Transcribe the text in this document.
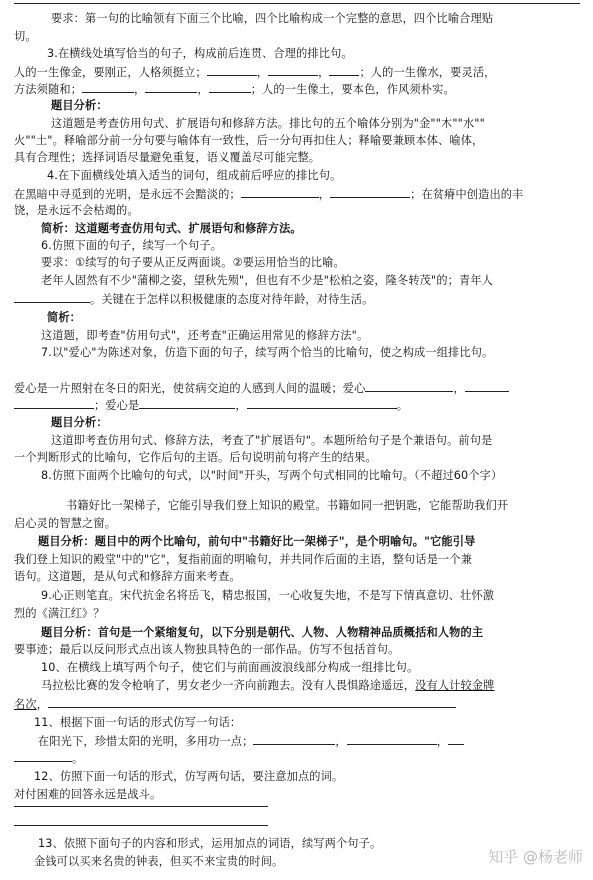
要求：第一句的比喻领有下面三个比喻，四个比喻构成一个完整的意思，四个比喻合理贴
切。
3.在横线处填写恰当的句子，构成前后连贯、合理的排比句。
人的一生像金，要刚正，人格须挺立；	，	，	；人的一生像水，要灵活，
方法须随和；	，	，	；人的一生像土，要本色，作风须朴实。
题目分析：
这道题是考查仿用句式、扩展语句和修辞方法。排比句的五个喻体分别为"金""木""水""
火""土"。释喻部分前一分句要与喻体有一致性，后一分句再扣住人；释喻要兼顾本体、喻体，
具有合理性；选择词语尽量避免重复，语义覆盖尽可能完整。
4.在下面横线处填入适当的词句，组成前后呼应的排比句。
在黑暗中寻觅到的光明，是永远不会黯淡的；	，	；在贫瘠中创造出的丰
饶，是永远不会枯竭的。
简析：这道题考查仿用句式、扩展语句和修辞方法。
6.仿照下面的句子，续写一个句子。
要求：①续写的句子要从正反两面谈。②要运用恰当的比喻。
老年人固然有不少"蒲柳之姿，望秋先殒"，但也有不少是"松柏之姿，隆冬转茂"的；青年人
。关键在于怎样以积极健康的态度对待年龄，对待生活。
简析：
这道题，即考查"仿用句式"，还考查"正确运用常见的修辞方法"。
7.以"爱心"为陈述对象，仿造下面的句子，续写两个恰当的比喻句，使之构成一组排比句。
爱心是一片照射在冬日的阳光，使贫病交迫的人感到人间的温暖；爱心	，
；爱心是	，	。
题目分析：
这道即考查仿用句式、修辞方法，考查了"扩展语句"。本题所给句子是个兼语句。前句是
一个判断形式的比喻句，它作后句的主语。后句说明前句将产生的结果。
8.仿照下面两个比喻句的句式，以"时间"开头，写两个句式相同的比喻句。（不超过60个字）
书籍好比一架梯子，它能引导我们登上知识的殿堂。书籍如同一把钥匙，它能帮助我们开
启心灵的智慧之窗。
题目分析：题目中的两个比喻句，前句中"书籍好比一架梯子"，是个明喻句。"它能引导
我们登上知识的殿堂"中的"它"，复指前面的明喻句，并共同作后面的主语，整句话是一个兼
语句。这道题，是从句式和修辞方面来考查。
9.心正则笔直。宋代抗金名将岳飞，精忠报国，一心收复失地，不是写下情真意切、壮怀激
烈的《满江红》？
题目分析：首句是一个紧缩复句，以下分别是朝代、人物、人物精神品质概括和人物的主
要事迹；最后以反问形式点出该人物独具特色的一部作品。仿写不包括首句。
10、在横线上填写两个句子，使它们与前面画波浪线部分构成一组排比句。
马拉松比赛的发令枪响了，男女老少一齐向前跑去。没有人畏惧路途遥远，没有人计较金牌
名次，
11、根据下面一句话的形式仿写一句话：
在阳光下，珍惜太阳的光明，多用功一点；	，	，
。
12、仿照下面一句话的形式，仿写两句话，要注意加点的词。
对付困难的回答永远是战斗。
13、依照下面句子的内容和形式，运用加点的词语，续写两个句子。
金钱可以买来名贵的钟表，但买不来宝贵的时间。	知乎 @杨老师
